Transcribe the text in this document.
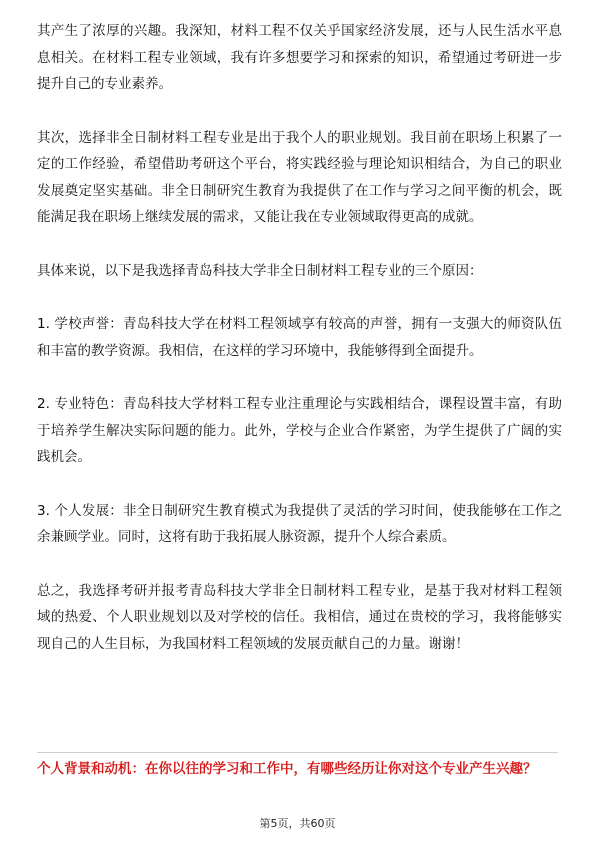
其产生了浓厚的兴趣。我深知，材料工程不仅关乎国家经济发展，还与人民生活水平息息相关。在材料工程专业领域，我有许多想要学习和探索的知识，希望通过考研进一步提升自己的专业素养。

其次，选择非全日制材料工程专业是出于我个人的职业规划。我目前在职场上积累了一定的工作经验，希望借助考研这个平台，将实践经验与理论知识相结合，为自己的职业发展奠定坚实基础。非全日制研究生教育为我提供了在工作与学习之间平衡的机会，既能满足我在职场上继续发展的需求，又能让我在专业领域取得更高的成就。

具体来说，以下是我选择青岛科技大学非全日制材料工程专业的三个原因：

1. 学校声誉：青岛科技大学在材料工程领域享有较高的声誉，拥有一支强大的师资队伍和丰富的教学资源。我相信，在这样的学习环境中，我能够得到全面提升。

2. 专业特色：青岛科技大学材料工程专业注重理论与实践相结合，课程设置丰富，有助于培养学生解决实际问题的能力。此外，学校与企业合作紧密，为学生提供了广阔的实践机会。

3. 个人发展：非全日制研究生教育模式为我提供了灵活的学习时间，使我能够在工作之余兼顾学业。同时，这将有助于我拓展人脉资源，提升个人综合素质。

总之，我选择考研并报考青岛科技大学非全日制材料工程专业，是基于我对材料工程领域的热爱、个人职业规划以及对学校的信任。我相信，通过在贵校的学习，我将能够实现自己的人生目标，为我国材料工程领域的发展贡献自己的力量。谢谢！

个人背景和动机：在你以往的学习和工作中，有哪些经历让你对这个专业产生兴趣？

第5页，共60页
